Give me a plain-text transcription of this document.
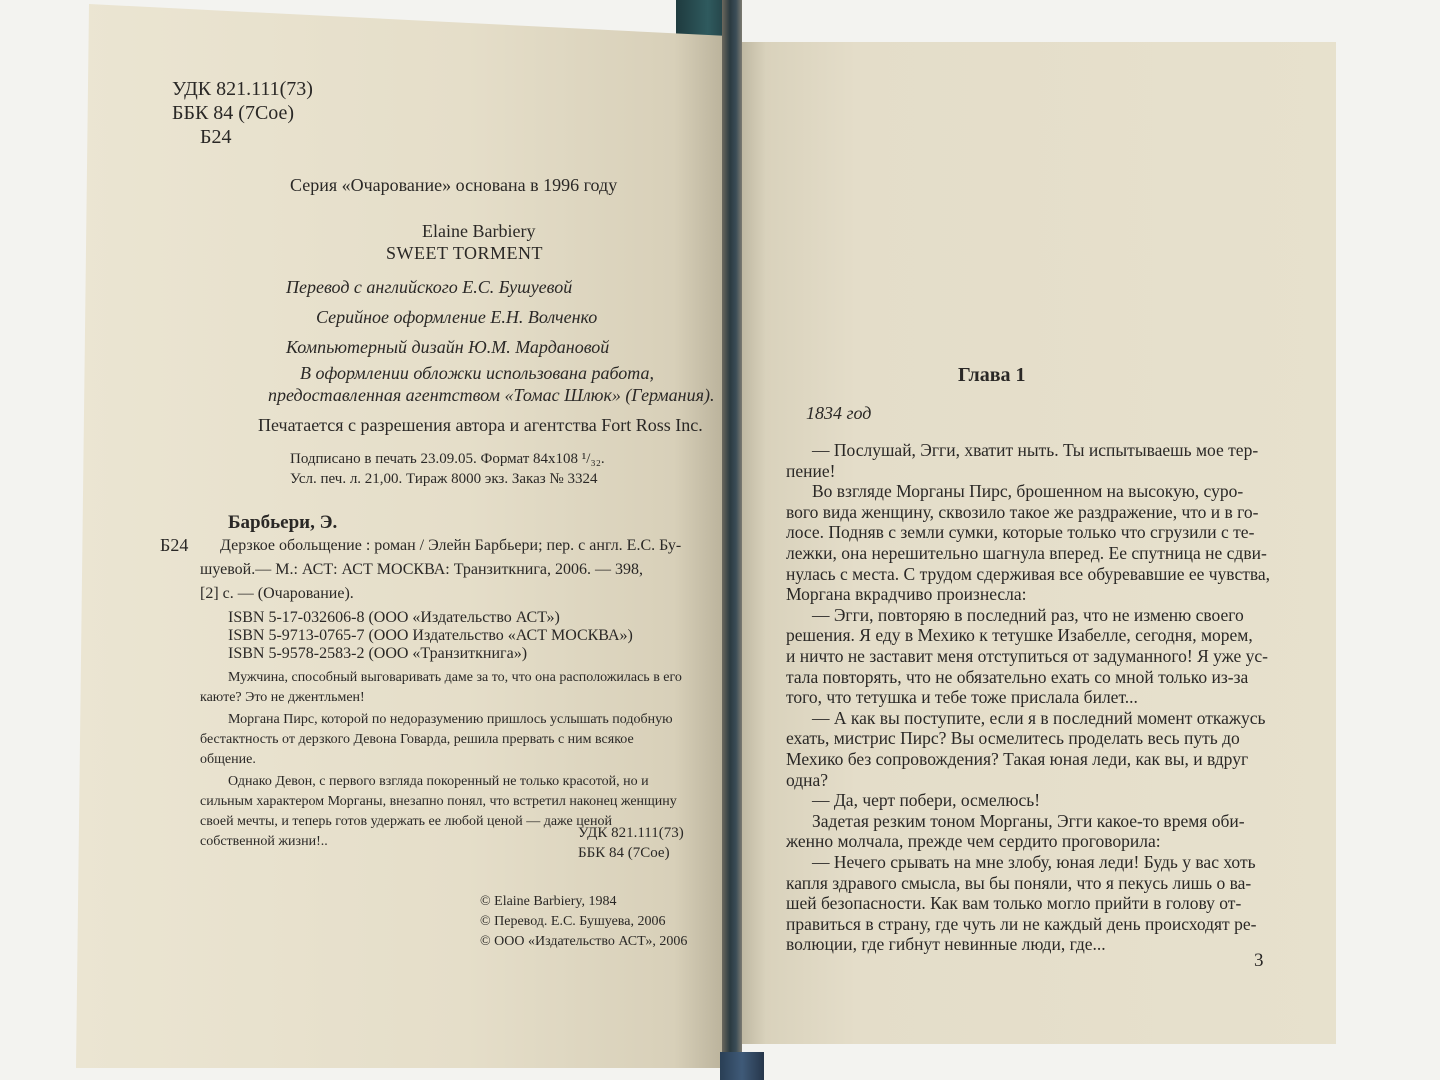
УДК 821.111(73)
ББК 84 (7Сое)
Б24
Серия «Очарование» основана в 1996 году
Elaine Barbiery
SWEET TORMENT
Перевод с английского Е.С. Бушуевой
Серийное оформление Е.Н. Волченко
Компьютерный дизайн Ю.М. Мардановой
В оформлении обложки использована работа,
предоставленная агентством «Томас Шлюк» (Германия).
Печатается с разрешения автора и агентства Fort Ross Inc.
Подписано в печать 23.09.05. Формат 84x108 ¹/₃₂.
Усл. печ. л. 21,00. Тираж 8000 экз. Заказ № 3324
Барбьери, Э.
Б24 Дерзкое обольщение : роман / Элейн Барбьери; пер. с англ. Е.С. Бу-
шуевой.— М.: АСТ: АСТ МОСКВА: Транзиткнига, 2006. — 398,
[2] с. — (Очарование).
ISBN 5-17-032606-8 (ООО «Издательство АСТ»)
ISBN 5-9713-0765-7 (ООО Издательство «АСТ МОСКВА»)
ISBN 5-9578-2583-2 (ООО «Транзиткнига»)
Мужчина, способный выговаривать даме за то, что она расположилась в его
каюте? Это не джентльмен!
Моргана Пирс, которой по недоразумению пришлось услышать подобную
бестактность от дерзкого Девона Говарда, решила прервать с ним всякое
общение.
Однако Девон, с первого взгляда покоренный не только красотой, но и
сильным характером Морганы, внезапно понял, что встретил наконец женщину
своей мечты, и теперь готов удержать ее любой ценой — даже ценой
собственной жизни!..
УДК 821.111(73)
ББК 84 (7Сое)
© Elaine Barbiery, 1984
© Перевод. Е.С. Бушуева, 2006
© ООО «Издательство АСТ», 2006
Глава 1
1834 год
— Послушай, Эгги, хватит ныть. Ты испытываешь мое тер-
пение!
Во взгляде Морганы Пирс, брошенном на высокую, суро-
вого вида женщину, сквозило такое же раздражение, что и в го-
лосе. Подняв с земли сумки, которые только что сгрузили с те-
лежки, она нерешительно шагнула вперед. Ее спутница не сдви-
нулась с места. С трудом сдерживая все обуревавшие ее чувства,
Моргана вкрадчиво произнесла:
— Эгги, повторяю в последний раз, что не изменю своего
решения. Я еду в Мехико к тетушке Изабелле, сегодня, морем,
и ничто не заставит меня отступиться от задуманного! Я уже ус-
тала повторять, что не обязательно ехать со мной только из-за
того, что тетушка и тебе тоже прислала билет...
— А как вы поступите, если я в последний момент откажусь
ехать, мистрис Пирс? Вы осмелитесь проделать весь путь до
Мехико без сопровождения? Такая юная леди, как вы, и вдруг
одна?
— Да, черт побери, осмелюсь!
Задетая резким тоном Морганы, Эгги какое-то время оби-
женно молчала, прежде чем сердито проговорила:
— Нечего срывать на мне злобу, юная леди! Будь у вас хоть
капля здравого смысла, вы бы поняли, что я пекусь лишь о ва-
шей безопасности. Как вам только могло прийти в голову от-
правиться в страну, где чуть ли не каждый день происходят ре-
волюции, где гибнут невинные люди, где...
3
